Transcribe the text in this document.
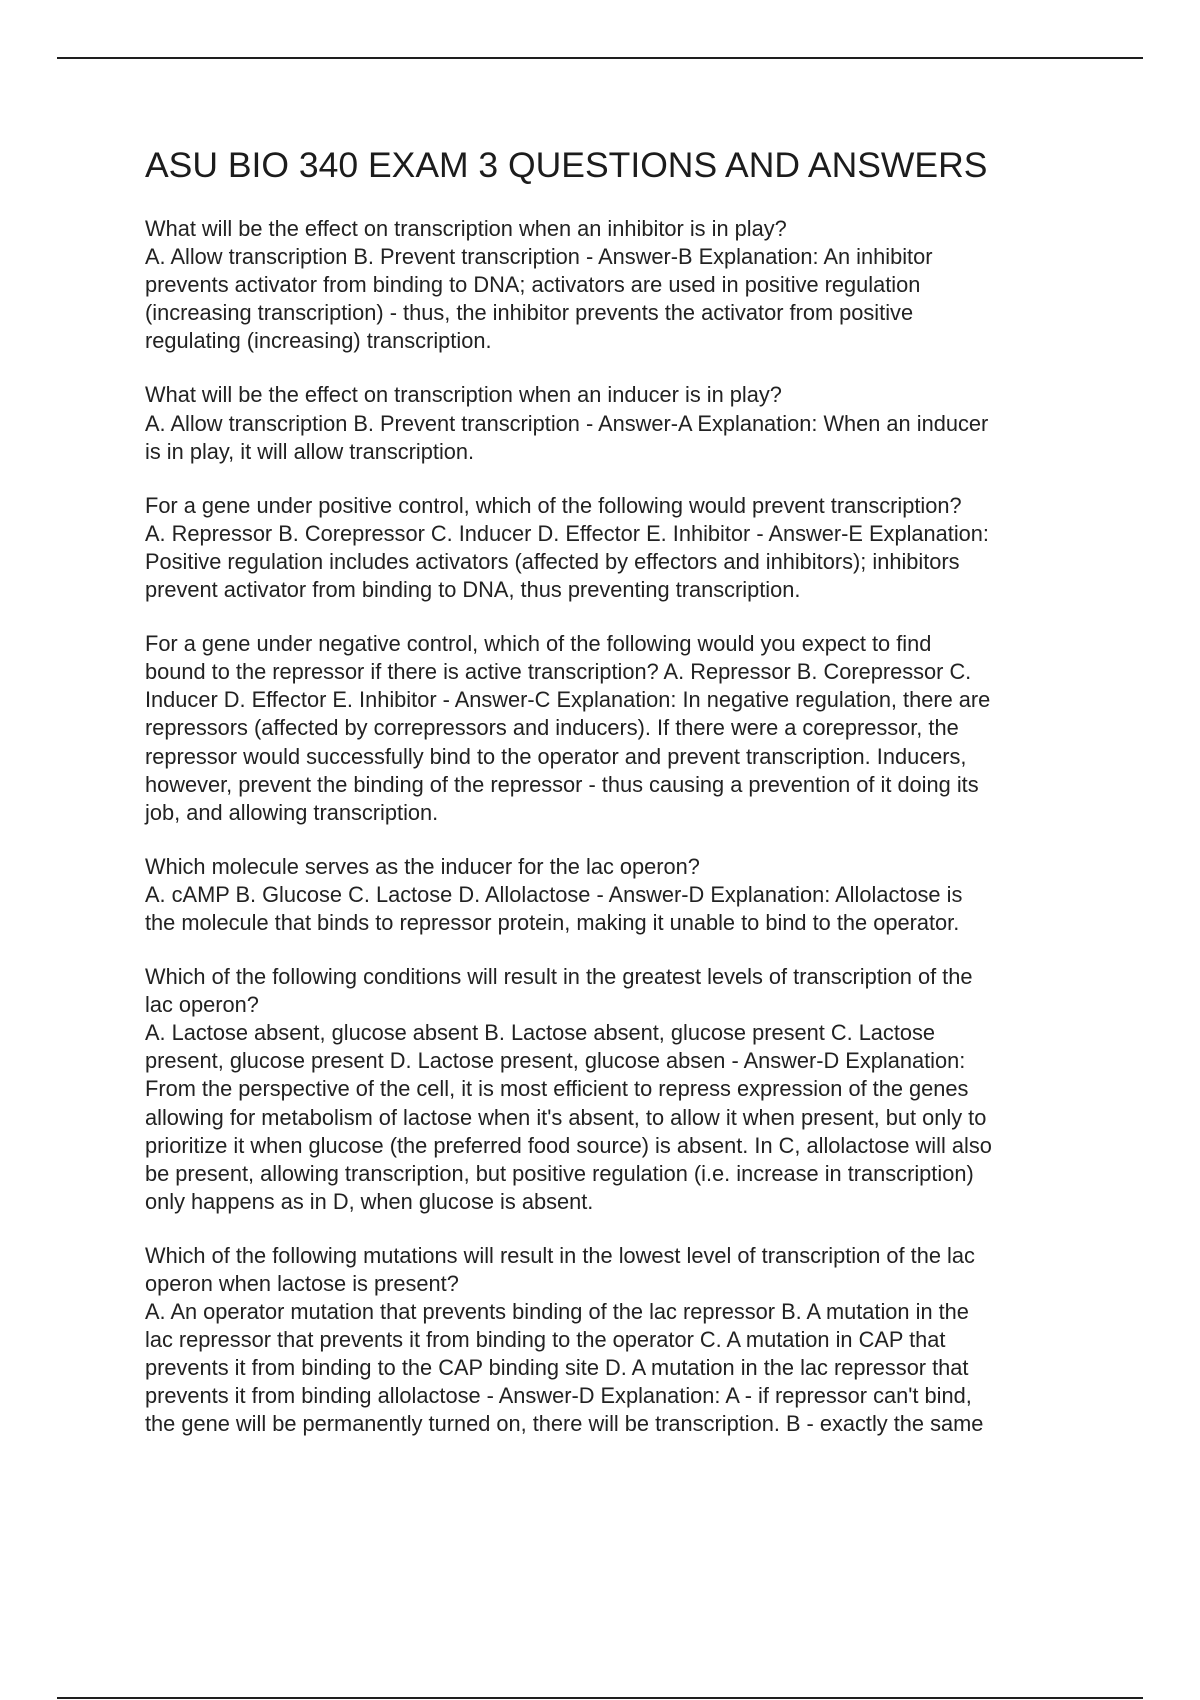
ASU BIO 340 EXAM 3 QUESTIONS AND ANSWERS

What will be the effect on transcription when an inhibitor is in play?
A. Allow transcription B. Prevent transcription - Answer-B Explanation: An inhibitor
prevents activator from binding to DNA; activators are used in positive regulation
(increasing transcription) - thus, the inhibitor prevents the activator from positive
regulating (increasing) transcription.

What will be the effect on transcription when an inducer is in play?
A. Allow transcription B. Prevent transcription - Answer-A Explanation: When an inducer
is in play, it will allow transcription.

For a gene under positive control, which of the following would prevent transcription?
A. Repressor B. Corepressor C. Inducer D. Effector E. Inhibitor - Answer-E Explanation:
Positive regulation includes activators (affected by effectors and inhibitors); inhibitors
prevent activator from binding to DNA, thus preventing transcription.

For a gene under negative control, which of the following would you expect to find
bound to the repressor if there is active transcription? A. Repressor B. Corepressor C.
Inducer D. Effector E. Inhibitor - Answer-C Explanation: In negative regulation, there are
repressors (affected by correpressors and inducers). If there were a corepressor, the
repressor would successfully bind to the operator and prevent transcription. Inducers,
however, prevent the binding of the repressor - thus causing a prevention of it doing its
job, and allowing transcription.

Which molecule serves as the inducer for the lac operon?
A. cAMP B. Glucose C. Lactose D. Allolactose - Answer-D Explanation: Allolactose is
the molecule that binds to repressor protein, making it unable to bind to the operator.

Which of the following conditions will result in the greatest levels of transcription of the
lac operon?
A. Lactose absent, glucose absent B. Lactose absent, glucose present C. Lactose
present, glucose present D. Lactose present, glucose absen - Answer-D Explanation:
From the perspective of the cell, it is most efficient to repress expression of the genes
allowing for metabolism of lactose when it's absent, to allow it when present, but only to
prioritize it when glucose (the preferred food source) is absent. In C, allolactose will also
be present, allowing transcription, but positive regulation (i.e. increase in transcription)
only happens as in D, when glucose is absent.

Which of the following mutations will result in the lowest level of transcription of the lac
operon when lactose is present?
A. An operator mutation that prevents binding of the lac repressor B. A mutation in the
lac repressor that prevents it from binding to the operator C. A mutation in CAP that
prevents it from binding to the CAP binding site D. A mutation in the lac repressor that
prevents it from binding allolactose - Answer-D Explanation: A - if repressor can't bind,
the gene will be permanently turned on, there will be transcription. B - exactly the same
